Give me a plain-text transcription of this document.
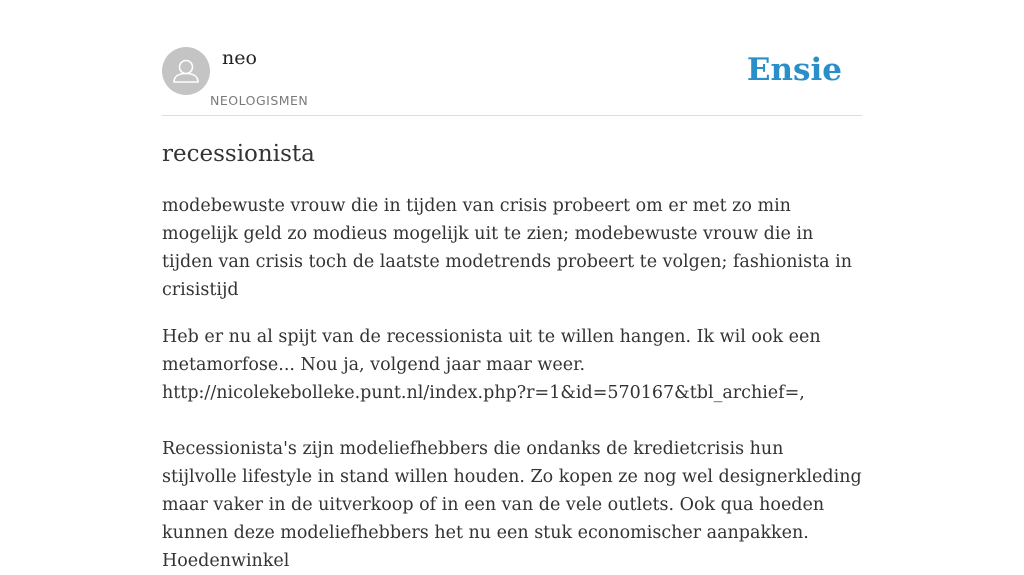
neo
NEOLOGISMEN
Ensie
recessionista

modebewuste vrouw die in tijden van crisis probeert om er met zo min mogelijk geld zo modieus mogelijk uit te zien; modebewuste vrouw die in tijden van crisis toch de laatste modetrends probeert te volgen; fashionista in crisistijd

Heb er nu al spijt van de recessionista uit te willen hangen. Ik wil ook een metamorfose... Nou ja, volgend jaar maar weer. http://nicolekebolleke.punt.nl/index.php?r=1&id=570167&tbl_archief=,

Recessionista's zijn modeliefhebbers die ondanks de kredietcrisis hun stijlvolle lifestyle in stand willen houden. Zo kopen ze nog wel designerkleding maar vaker in de uitverkoop of in een van de vele outlets. Ook qua hoeden kunnen deze modeliefhebbers het nu een stuk economischer aanpakken. Hoedenwinkel
